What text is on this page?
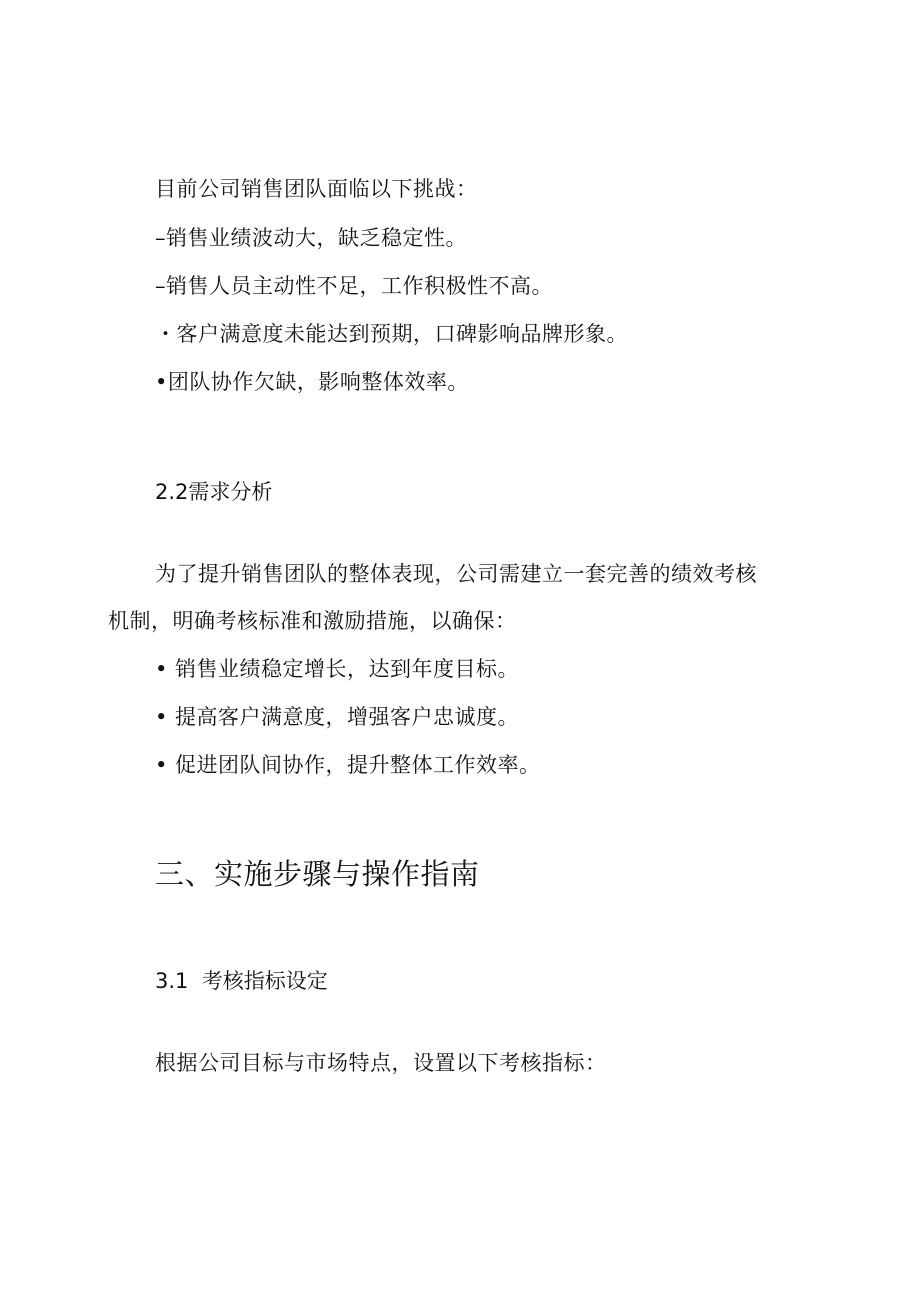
目前公司销售团队面临以下挑战：
–销售业绩波动大，缺乏稳定性。
–销售人员主动性不足，工作积极性不高。
・客户满意度未能达到预期，口碑影响品牌形象。
•团队协作欠缺，影响整体效率。
2.2需求分析
为了提升销售团队的整体表现，公司需建立一套完善的绩效考核
机制，明确考核标准和激励措施，以确保：
• 销售业绩稳定增长，达到年度目标。
• 提高客户满意度，增强客户忠诚度。
• 促进团队间协作，提升整体工作效率。
三、实施步骤与操作指南
3.1  考核指标设定
根据公司目标与市场特点，设置以下考核指标：
